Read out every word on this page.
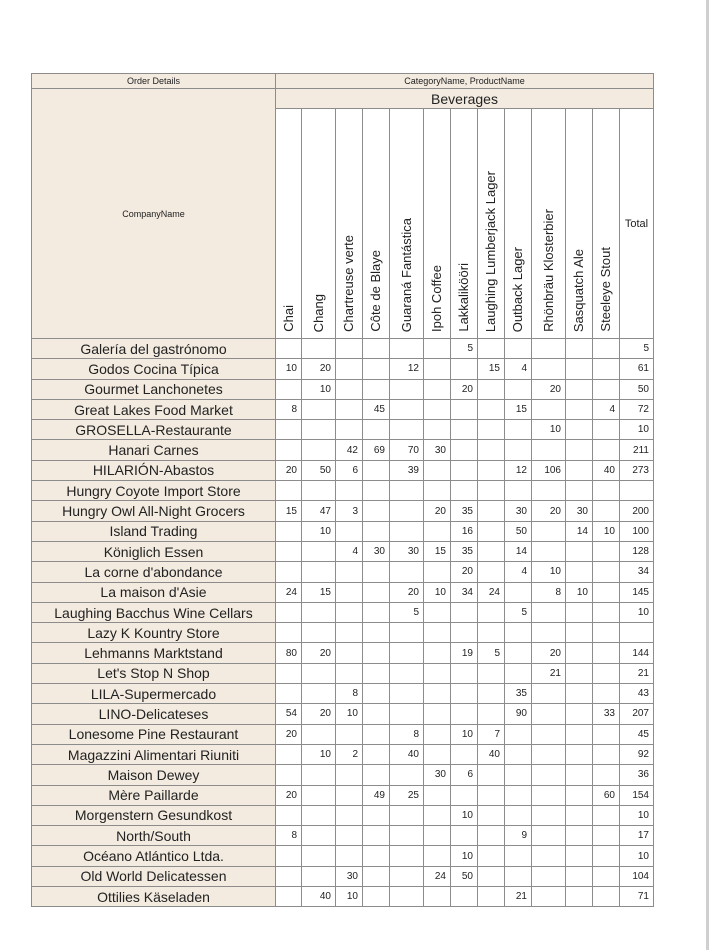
Order Details	CategoryName, ProductName												
CompanyName	Beverages												

	Chai	Chang	Chartreuse verte	Côte de Blaye	Guaraná Fantástica	Ipoh Coffee	Lakkalikööri	Laughing Lumberjack Lager	Outback Lager	Rhönbräu Klosterbier	Sasquatch Ale	Steeleye Stout	Total
Galería del gastrónomo							5						5
Godos Cocina Típica	10	20			12			15	4				61
Gourmet Lanchonetes		10					20			20			50
Great Lakes Food Market	8			45					15			4	72
GROSELLA-Restaurante										10			10
Hanari Carnes			42	69	70	30							211
HILARIÓN-Abastos	20	50	6		39				12	106		40	273
Hungry Coyote Import Store													
Hungry Owl All-Night Grocers	15	47	3			20	35		30	20	30		200
Island Trading		10					16		50		14	10	100
Königlich Essen			4	30	30	15	35		14				128
La corne d'abondance							20		4	10			34
La maison d'Asie	24	15			20	10	34	24		8	10		145
Laughing Bacchus Wine Cellars					5				5				10
Lazy K Kountry Store													
Lehmanns Marktstand	80	20					19	5		20			144
Let's Stop N Shop										21			21
LILA-Supermercado			8						35				43
LINO-Delicateses	54	20	10						90			33	207
Lonesome Pine Restaurant	20				8		10	7					45
Magazzini Alimentari Riuniti		10	2		40			40					92
Maison Dewey						30	6						36
Mère Paillarde	20			49	25							60	154
Morgenstern Gesundkost							10						10
North/South	8								9				17
Océano Atlántico Ltda.							10						10
Old World Delicatessen			30			24	50						104
Ottilies Käseladen		40	10						21				71
